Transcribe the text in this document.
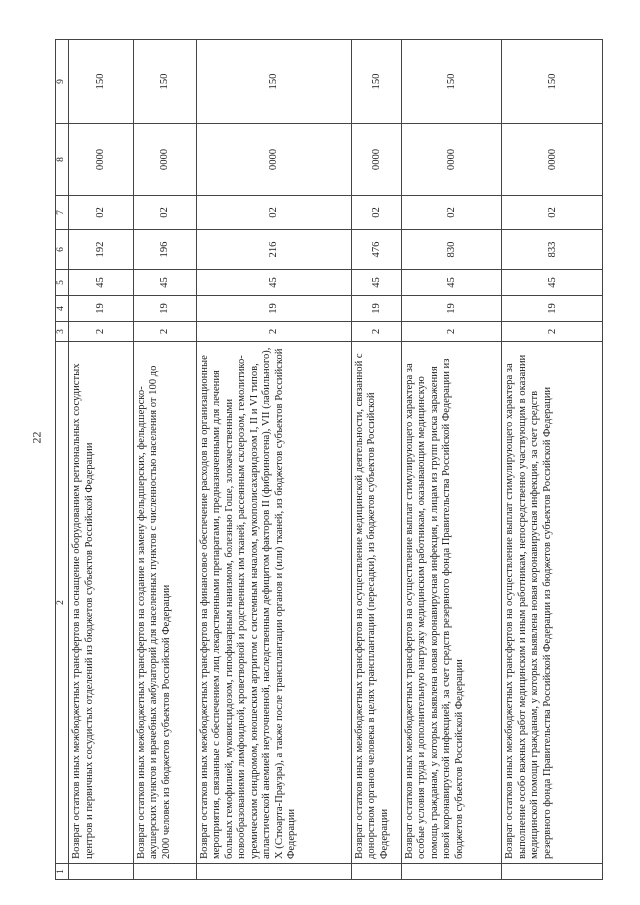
22
1	2	3	4	5	6	7	8	9
	Возврат остатков иных межбюджетных трансфертов на оснащение оборудованием региональных сосудистых центров и первичных сосудистых отделений из бюджетов субъектов Российской Федерации	2	19	45	192	02	0000	150
	Возврат остатков иных межбюджетных трансфертов на создание и замену фельдшерских, фельдшерско-акушерских пунктов и врачебных амбулаторий для населенных пунктов с численностью населения от 100 до 2000 человек из бюджетов субъектов Российской Федерации	2	19	45	196	02	0000	150
	Возврат остатков иных межбюджетных трансфертов на финансовое обеспечение расходов на организационные мероприятия, связанные с обеспечением лиц лекарственными препаратами, предназначенными для лечения больных гемофилией, муковисцидозом, гипофизарным нанизмом, болезнью Гоше, злокачественными новообразованиями лимфоидной, кроветворной и родственных им тканей, рассеянным склерозом, гемолитико-уремическим синдромом, юношеским артритом с системным началом, мукополисахаридозом I, II и VI типов, апластической анемией неуточненной, наследственным дефицитом факторов II (фибриногена), VII (лабильного), X (Стюарта-Праузра), а также после трансплантации органов и (или) тканей, из бюджетов субъектов Российской Федерации	2	19	45	216	02	0000	150
	Возврат остатков иных межбюджетных трансфертов на осуществление медицинской деятельности, связанной с донорством органов человека в целях трансплантации (пересадки), из бюджетов субъектов Российской Федерации	2	19	45	476	02	0000	150
	Возврат остатков иных межбюджетных трансфертов на осуществление выплат стимулирующего характера за особые условия труда и дополнительную нагрузку медицинским работникам, оказывающим медицинскую помощь гражданам, у которых выявлена новая коронавирусная инфекция, и лицам из групп риска заражения новой коронавирусной инфекцией, за счет средств резервного фонда Правительства Российской Федерации из бюджетов субъектов Российской Федерации	2	19	45	830	02	0000	150
	Возврат остатков иных межбюджетных трансфертов на осуществление выплат стимулирующего характера за выполнение особо важных работ медицинским и иным работникам, непосредственно участвующим в оказании медицинской помощи гражданам, у которых выявлена новая коронавирусная инфекция, за счет средств резервного фонда Правительства Российской Федерации из бюджетов субъектов Российской Федерации	2	19	45	833	02	0000	150
